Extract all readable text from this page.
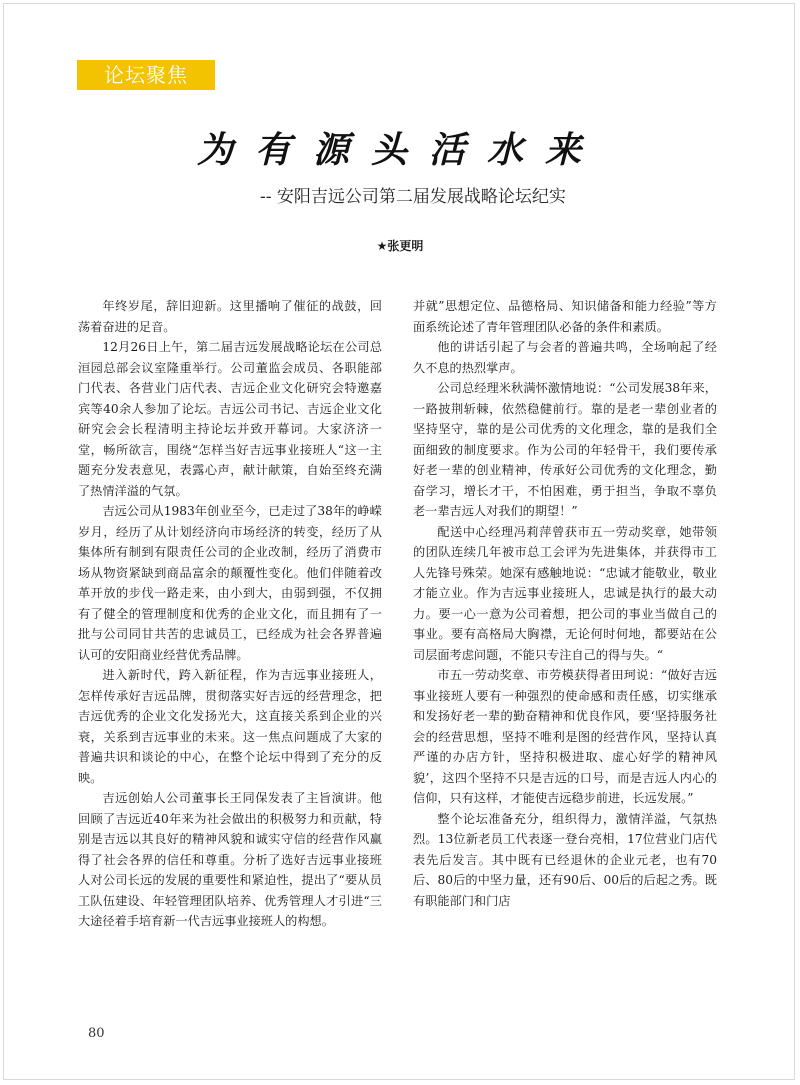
论坛聚焦
为有源头活水来
-- 安阳吉远公司第二届发展战略论坛纪实
★张更明

年终岁尾，辞旧迎新。这里播响了催征的战鼓，回荡着奋进的足音。

12月26日上午，第二届吉远发展战略论坛在公司总洹园总部会议室隆重举行。公司董监会成员、各职能部门代表、各营业门店代表、吉远企业文化研究会特邀嘉宾等40余人参加了论坛。吉远公司书记、吉远企业文化研究会会长程清明主持论坛并致开幕词。大家济济一堂，畅所欲言，围绕“怎样当好吉远事业接班人“这一主题充分发表意见，表露心声，献计献策，自始至终充满了热情洋溢的气氛。

吉远公司从1983年创业至今，已走过了38年的峥嵘岁月，经历了从计划经济向市场经济的转变，经历了从集体所有制到有限责任公司的企业改制，经历了消费市场从物资紧缺到商品富余的颠覆性变化。他们伴随着改革开放的步伐一路走来，由小到大，由弱到强，不仅拥有了健全的管理制度和优秀的企业文化，而且拥有了一批与公司同甘共苦的忠诚员工，已经成为社会各界普遍认可的安阳商业经营优秀品牌。

进入新时代，跨入新征程，作为吉远事业接班人，怎样传承好吉远品牌，贯彻落实好吉远的经营理念，把吉远优秀的企业文化发扬光大，这直接关系到企业的兴衰，关系到吉远事业的未来。这一焦点问题成了大家的普遍共识和谈论的中心，在整个论坛中得到了充分的反映。

吉远创始人公司董事长王同保发表了主旨演讲。他回顾了吉远近40年来为社会做出的积极努力和贡献，特别是吉远以其良好的精神风貌和诚实守信的经营作风赢得了社会各界的信任和尊重。分析了选好吉远事业接班人对公司长远的发展的重要性和紧迫性，提出了“要从员工队伍建设、年轻管理团队培养、优秀管理人才引进“三大途径着手培育新一代吉远事业接班人的构想。

并就”思想定位、品德格局、知识储备和能力经验”等方面系统论述了青年管理团队必备的条件和素质。

他的讲话引起了与会者的普遍共鸣，全场响起了经久不息的热烈掌声。

公司总经理米秋满怀激情地说：“公司发展38年来，一路披荆斩棘，依然稳健前行。靠的是老一辈创业者的坚持坚守，靠的是公司优秀的文化理念，靠的是我们全面细致的制度要求。作为公司的年轻骨干，我们要传承好老一辈的创业精神，传承好公司优秀的文化理念，勤奋学习，增长才干，不怕困难，勇于担当，争取不辜负老一辈吉远人对我们的期望！”

配送中心经理冯莉萍曾获市五一劳动奖章，她带领的团队连续几年被市总工会评为先进集体，并获得市工人先锋号殊荣。她深有感触地说：“忠诚才能敬业，敬业才能立业。作为吉远事业接班人，忠诚是执行的最大动力。要一心一意为公司着想，把公司的事业当做自己的事业。要有高格局大胸襟，无论何时何地，都要站在公司层面考虑问题，不能只专注自己的得与失。“

市五一劳动奖章、市劳模获得者田珂说：“做好吉远事业接班人要有一种强烈的使命感和责任感，切实继承和发扬好老一辈的勤奋精神和优良作风，要‘坚持服务社会的经营思想，坚持不唯利是图的经营作风，坚持认真严谨的办店方针，坚持积极进取、虚心好学的精神风貌’，这四个坚持不只是吉远的口号，而是吉远人内心的信仰，只有这样，才能使吉远稳步前进，长远发展。”

整个论坛准备充分，组织得力，激情洋溢，气氛热烈。13位新老员工代表逐一登台亮相，17位营业门店代表先后发言。其中既有已经退休的企业元老，也有70后、80后的中坚力量，还有90后、00后的后起之秀。既有职能部门和门店

80
